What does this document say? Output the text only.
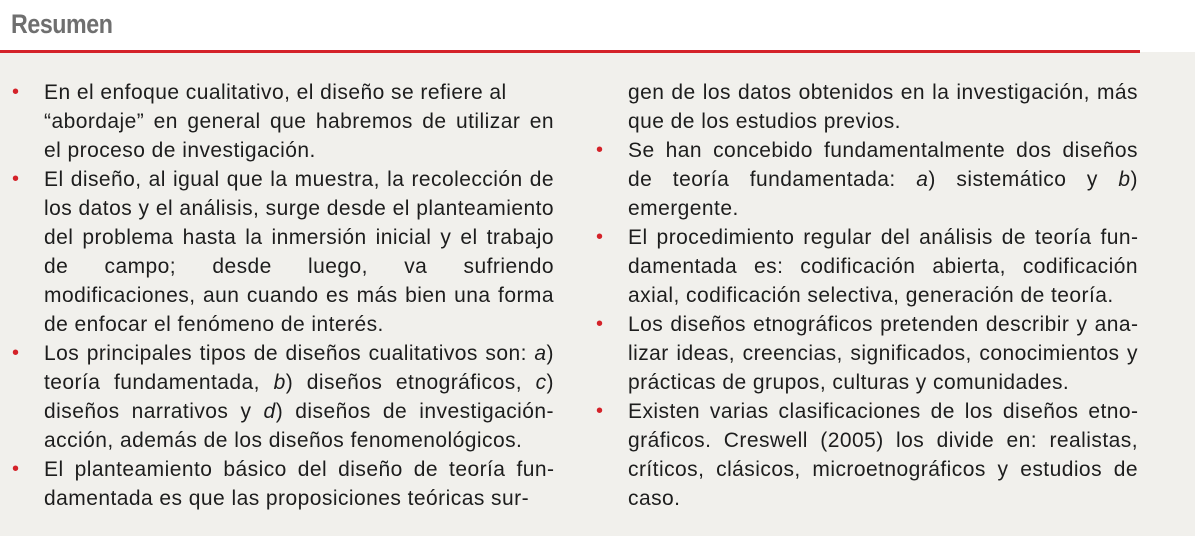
Resumen

• En el enfoque cualitativo, el diseño se refiere al
“abordaje” en general que habremos de utilizar en el proceso de investigación.

• El diseño, al igual que la muestra, la recolección de los datos y el análisis, surge desde el planteamiento del problema hasta la inmersión inicial y el trabajo de campo; desde luego, va sufriendo modificaciones, aun cuando es más bien una forma de enfocar el fenómeno de interés.

• Los principales tipos de diseños cualitativos son: a) teoría fundamentada, b) diseños etnográficos, c) diseños narrativos y d) diseños de investigación-acción, además de los diseños fenomenológicos.

• El planteamiento básico del diseño de teoría fundamentada es que las proposiciones teóricas sur-

gen de los datos obtenidos en la investigación, más que de los estudios previos.

• Se han concebido fundamentalmente dos diseños de teoría fundamentada: a) sistemático y b) emergente.

• El procedimiento regular del análisis de teoría fundamentada es: codificación abierta, codificación axial, codificación selectiva, generación de teoría.

• Los diseños etnográficos pretenden describir y analizar ideas, creencias, significados, conocimientos y prácticas de grupos, culturas y comunidades.

• Existen varias clasificaciones de los diseños etnográficos. Creswell (2005) los divide en: realistas, críticos, clásicos, microetnográficos y estudios de caso.
